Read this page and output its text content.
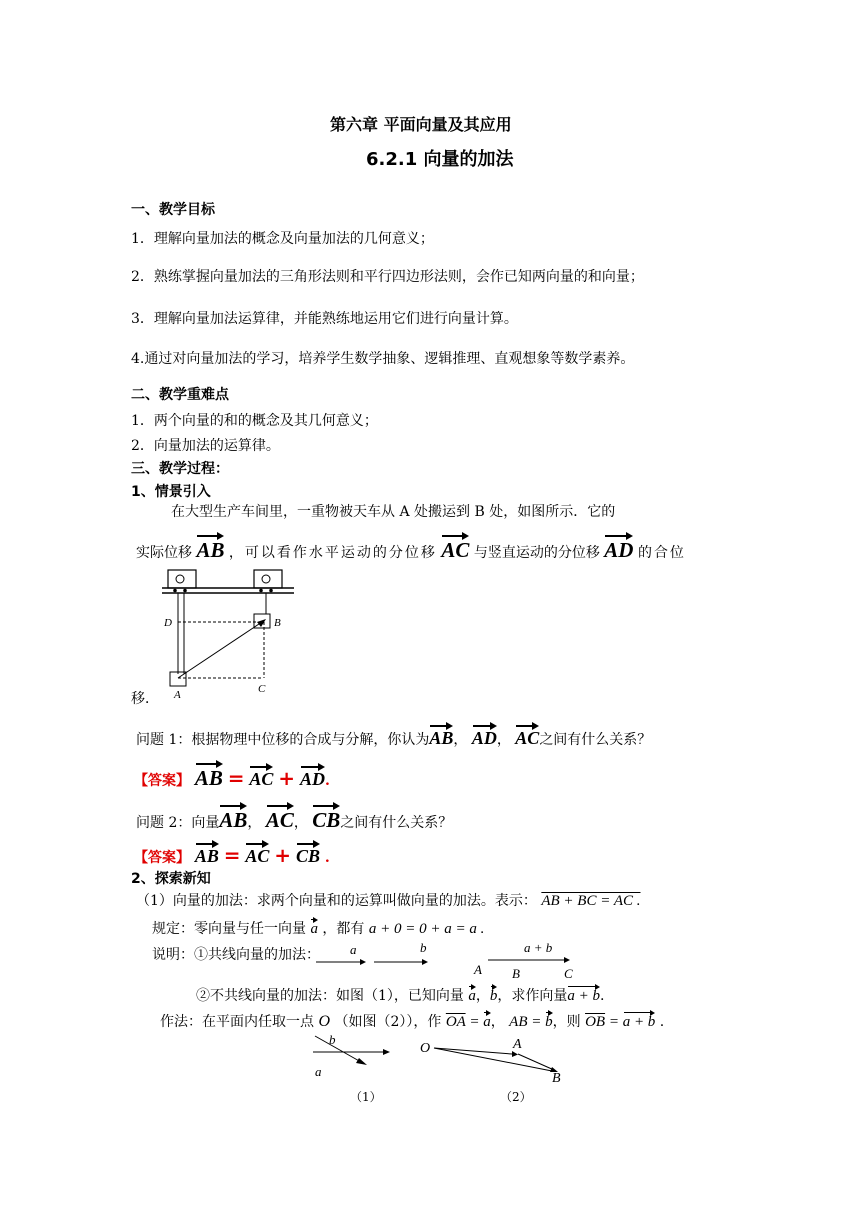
第六章 平面向量及其应用
6.2.1 向量的加法
一、教学目标
1．理解向量加法的概念及向量加法的几何意义；
2．熟练掌握向量加法的三角形法则和平行四边形法则，会作已知两向量的和向量；
3．理解向量加法运算律，并能熟练地运用它们进行向量计算。
4.通过对向量加法的学习，培养学生数学抽象、逻辑推理、直观想象等数学素养。
二、教学重难点
1．两个向量的和的概念及其几何意义；
2．向量加法的运算律。
三、教学过程：
1、情景引入
在大型生产车间里，一重物被天车从 A 处搬运到 B 处，如图所示．它的
实际位移 AB ，可以看作水平运动的分位移 AC 与竖直运动的分位移 AD 的合位
D	B
A	C
移．
问题 1：根据物理中位移的合成与分解，你认为AB， AD， AC之间有什么关系？
【答案】 AB = AC + AD.
问题 2：向量AB， AC， CB之间有什么关系？
【答案】 AB = AC + CB .
2、探索新知
（1）向量的加法：求两个向量和的运算叫做向量的加法。表示： AB + BC = AC .
规定：零向量与任一向量 a ，都有 a + 0 = 0 + a = a .
说明：①共线向量的加法： a	b	a + b
A B	C
②不共线向量的加法：如图（1），已知向量 a，b，求作向量a + b.
作法：在平面内任取一点 O （如图（2）），作 $\overline{OA} = a$， AB = b，则 $\overline{OB} = a + b$ .
b
a
（1）
O	A
B
（2）
